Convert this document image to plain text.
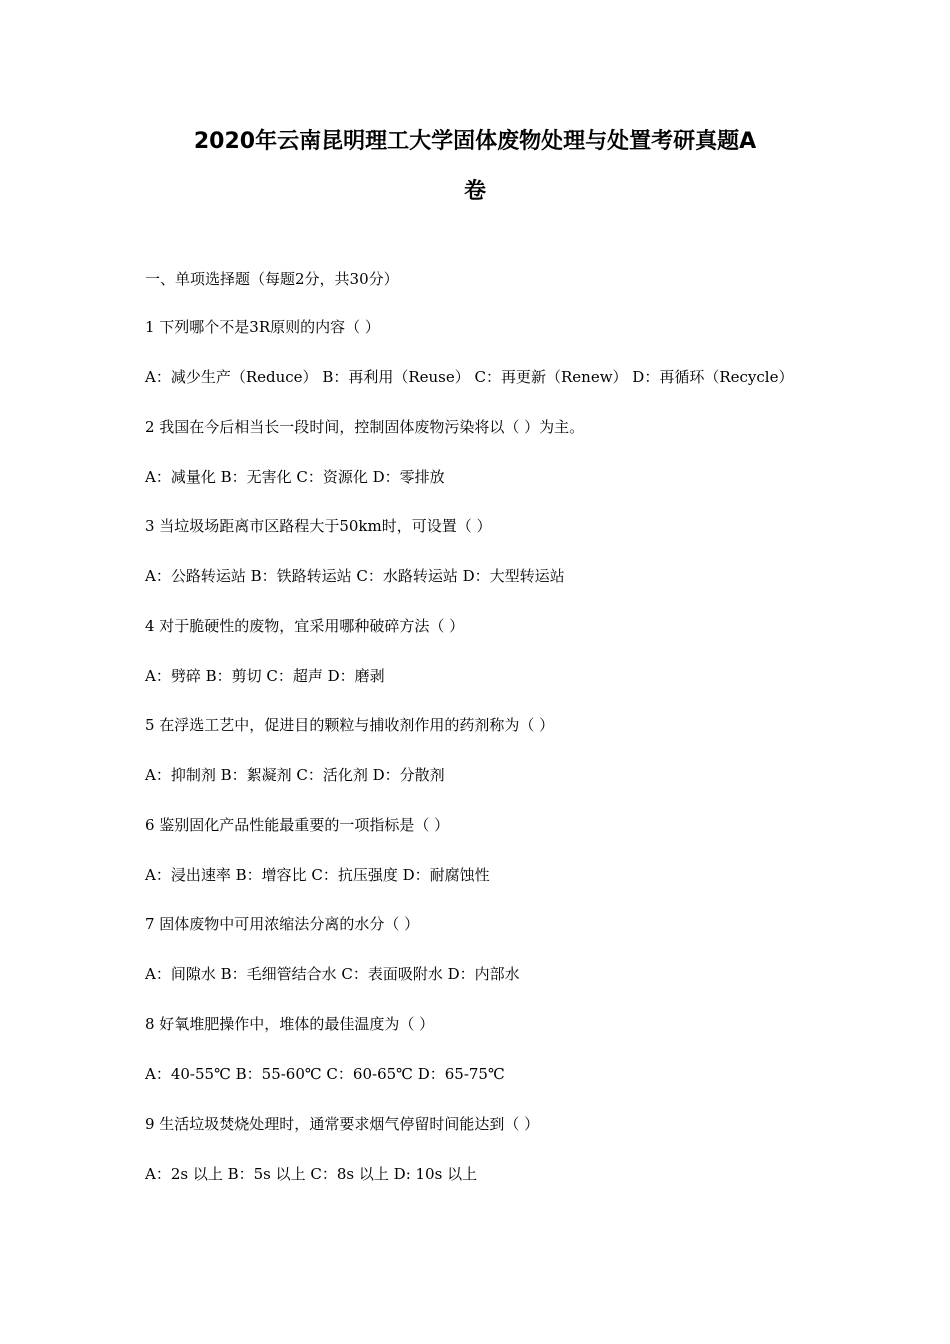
2020年云南昆明理工大学固体废物处理与处置考研真题A
卷
一、单项选择题（每题2分，共30分）
1 下列哪个不是3R原则的内容（ ）
A：减少生产（Reduce） B：再利用（Reuse） C：再更新（Renew） D：再循环（Recycle）
2 我国在今后相当长一段时间，控制固体废物污染将以（ ）为主。
A：减量化 B：无害化 C：资源化 D：零排放
3 当垃圾场距离市区路程大于50km时，可设置（ ）
A：公路转运站 B：铁路转运站 C：水路转运站 D：大型转运站
4 对于脆硬性的废物，宜采用哪种破碎方法（ ）
A：劈碎 B：剪切 C：超声 D：磨剥
5 在浮选工艺中，促进目的颗粒与捕收剂作用的药剂称为（ ）
A：抑制剂 B：絮凝剂 C：活化剂 D：分散剂
6 鉴别固化产品性能最重要的一项指标是（ ）
A：浸出速率 B：增容比 C：抗压强度 D：耐腐蚀性
7 固体废物中可用浓缩法分离的水分（ ）
A：间隙水 B：毛细管结合水 C：表面吸附水 D：内部水
8 好氧堆肥操作中，堆体的最佳温度为（ ）
A：40-55℃ B：55-60℃ C：60-65℃ D：65-75℃
9 生活垃圾焚烧处理时，通常要求烟气停留时间能达到（ ）
A：2s 以上 B：5s 以上 C：8s 以上 D: 10s 以上
